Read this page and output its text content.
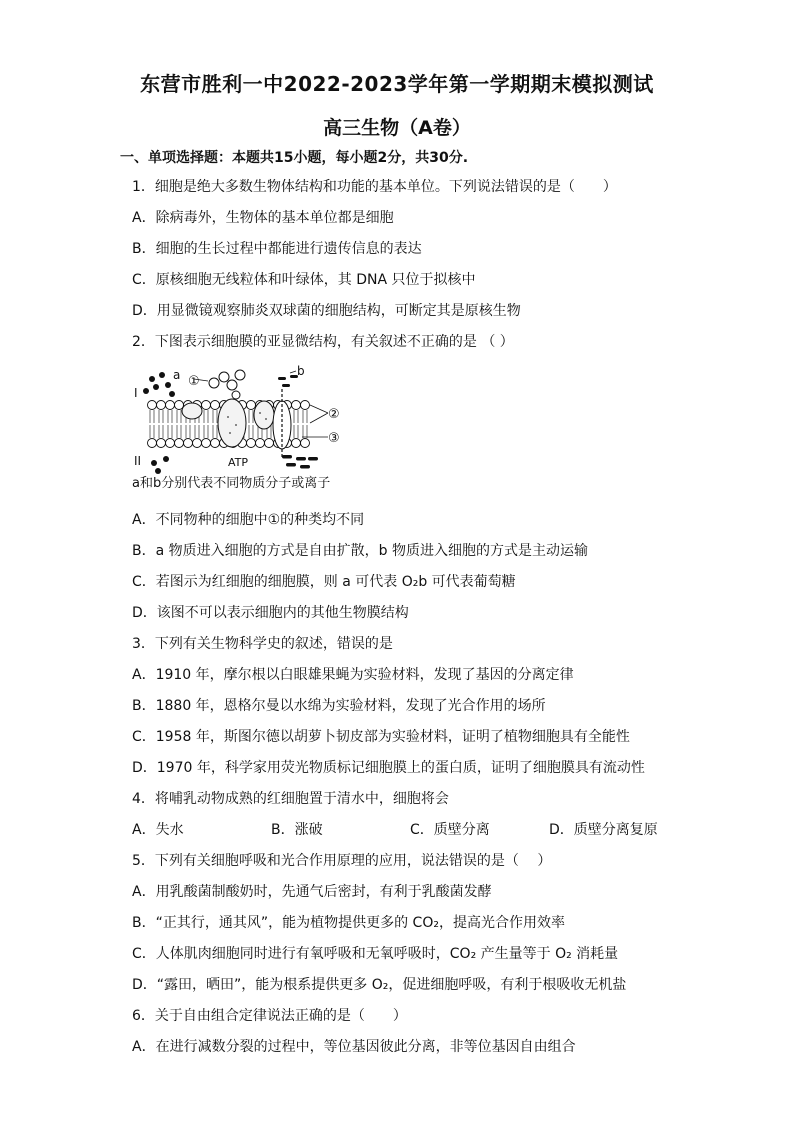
东营市胜利一中2022-2023学年第一学期期末模拟测试
高三生物（A卷）
一、单项选择题：本题共15小题，每小题2分，共30分.
1．细胞是绝大多数生物体结构和功能的基本单位。下列说法错误的是（　　）
A．除病毒外，生物体的基本单位都是细胞
B．细胞的生长过程中都能进行遗传信息的表达
C．原核细胞无线粒体和叶绿体，其 DNA 只位于拟核中
D．用显微镜观察肺炎双球菌的细胞结构，可断定其是原核生物
2．下图表示细胞膜的亚显微结构，有关叙述不正确的是 （ ）
I
II
a	b
①
②
③
ATP
a和b分别代表不同物质分子或离子
A．不同物种的细胞中①的种类均不同
B．a 物质进入细胞的方式是自由扩散，b 物质进入细胞的方式是主动运输
C．若图示为红细胞的细胞膜，则 a 可代表 O₂b 可代表葡萄糖
D．该图不可以表示细胞内的其他生物膜结构
3．下列有关生物科学史的叙述，错误的是
A．1910 年，摩尔根以白眼雄果蝇为实验材料，发现了基因的分离定律
B．1880 年，恩格尔曼以水绵为实验材料，发现了光合作用的场所
C．1958 年，斯图尔德以胡萝卜韧皮部为实验材料，证明了植物细胞具有全能性
D．1970 年，科学家用荧光物质标记细胞膜上的蛋白质，证明了细胞膜具有流动性
4．将哺乳动物成熟的红细胞置于清水中，细胞将会
A．失水	B．涨破	C．质壁分离	D．质壁分离复原
5．下列有关细胞呼吸和光合作用原理的应用，说法错误的是（　 ）
A．用乳酸菌制酸奶时，先通气后密封，有利于乳酸菌发酵
B．“正其行，通其风”，能为植物提供更多的 CO₂，提高光合作用效率
C．人体肌肉细胞同时进行有氧呼吸和无氧呼吸时，CO₂ 产生量等于 O₂ 消耗量
D．“露田，晒田”，能为根系提供更多 O₂，促进细胞呼吸，有利于根吸收无机盐
6．关于自由组合定律说法正确的是（　　）
A．在进行减数分裂的过程中，等位基因彼此分离，非等位基因自由组合
